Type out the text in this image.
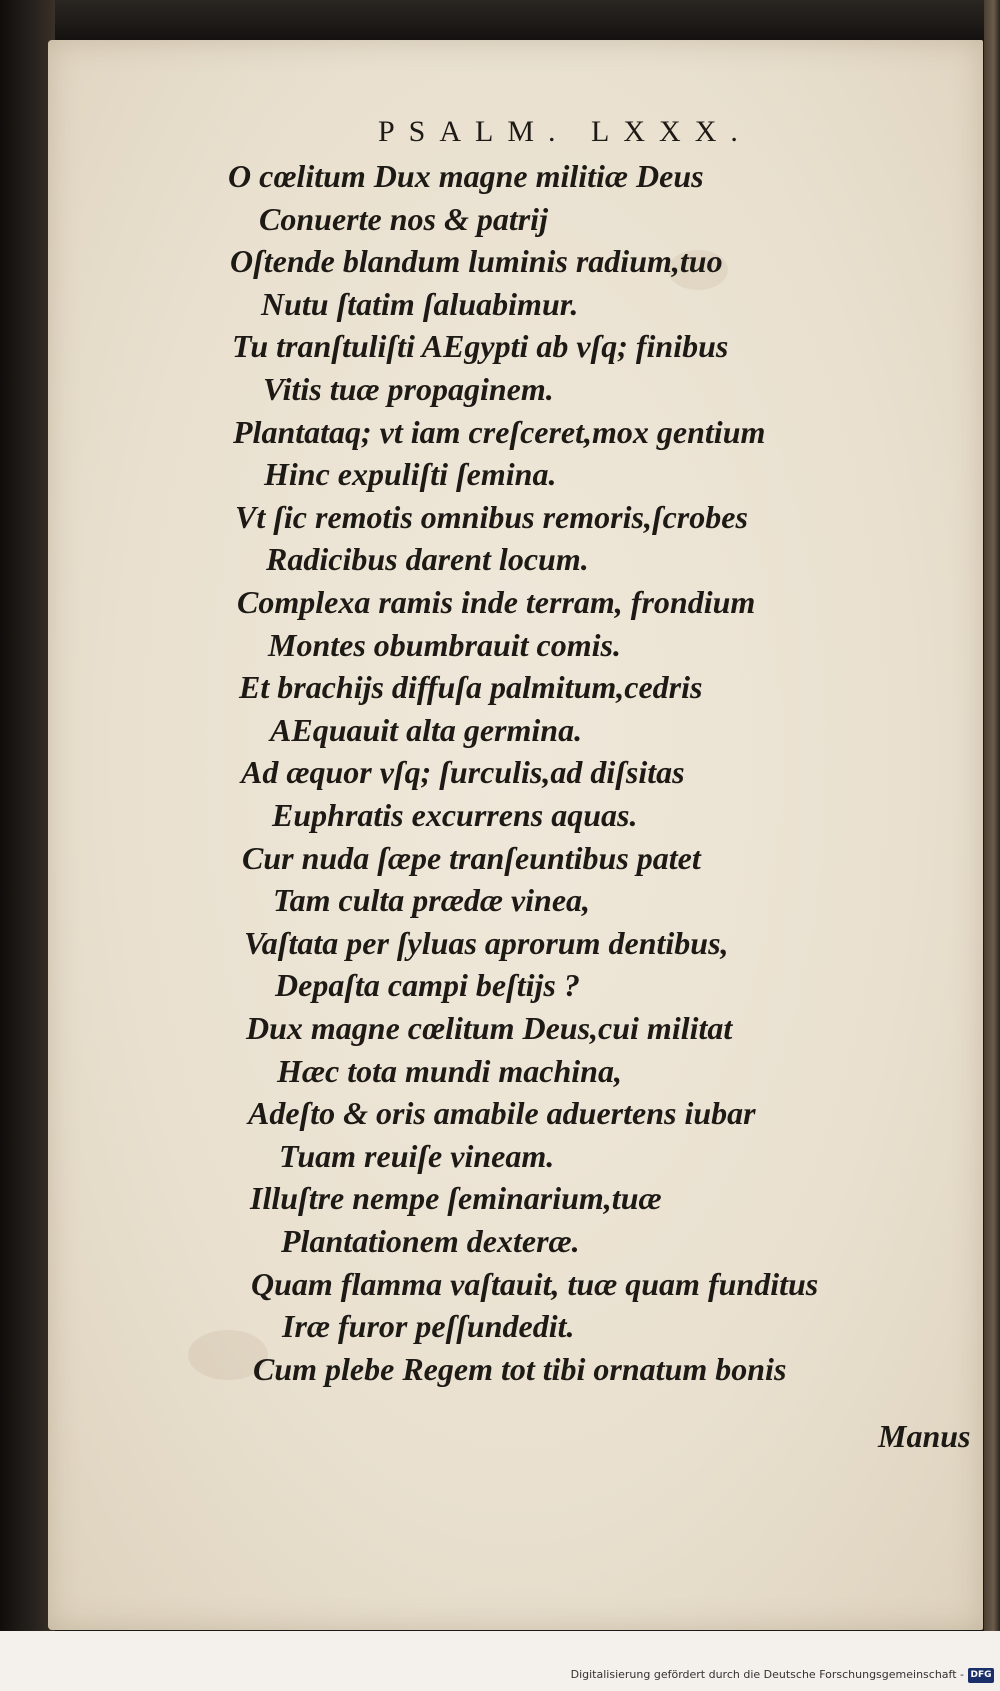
PSALM. LXXX.
O cœlitum Dux magne militiæ Deus
Conuerte nos & patrij
Oſtende blandum luminis radium,tuo
Nutu ſtatim ſaluabimur.
Tu tranſtuliſti AEgypti ab vſq; finibus
Vitis tuæ propaginem.
Plantataq; vt iam creſceret,mox gentium
Hinc expuliſti ſemina.
Vt ſic remotis omnibus remoris,ſcrobes
Radicibus darent locum.
Complexa ramis inde terram, frondium
Montes obumbrauit comis.
Et brachijs diffuſa palmitum,cedris
AEquauit alta germina.
Ad æquor vſq; ſurculis,ad diſsitas
Euphratis excurrens aquas.
Cur nuda ſæpe tranſeuntibus patet
Tam culta prædæ vinea,
Vaſtata per ſyluas aprorum dentibus,
Depaſta campi beſtijs ?
Dux magne cœlitum Deus,cui militat
Hæc tota mundi machina,
Adeſto & oris amabile aduertens iubar
Tuam reuiſe vineam.
Illuſtre nempe ſeminarium,tuæ
Plantationem dexteræ.
Quam flamma vaſtauit, tuæ quam funditus
Iræ furor peſſundedit.
Cum plebe Regem tot tibi ornatum bonis
Manus
Digitalisierung gefördert durch die Deutsche Forschungsgemeinschaft - DFG
